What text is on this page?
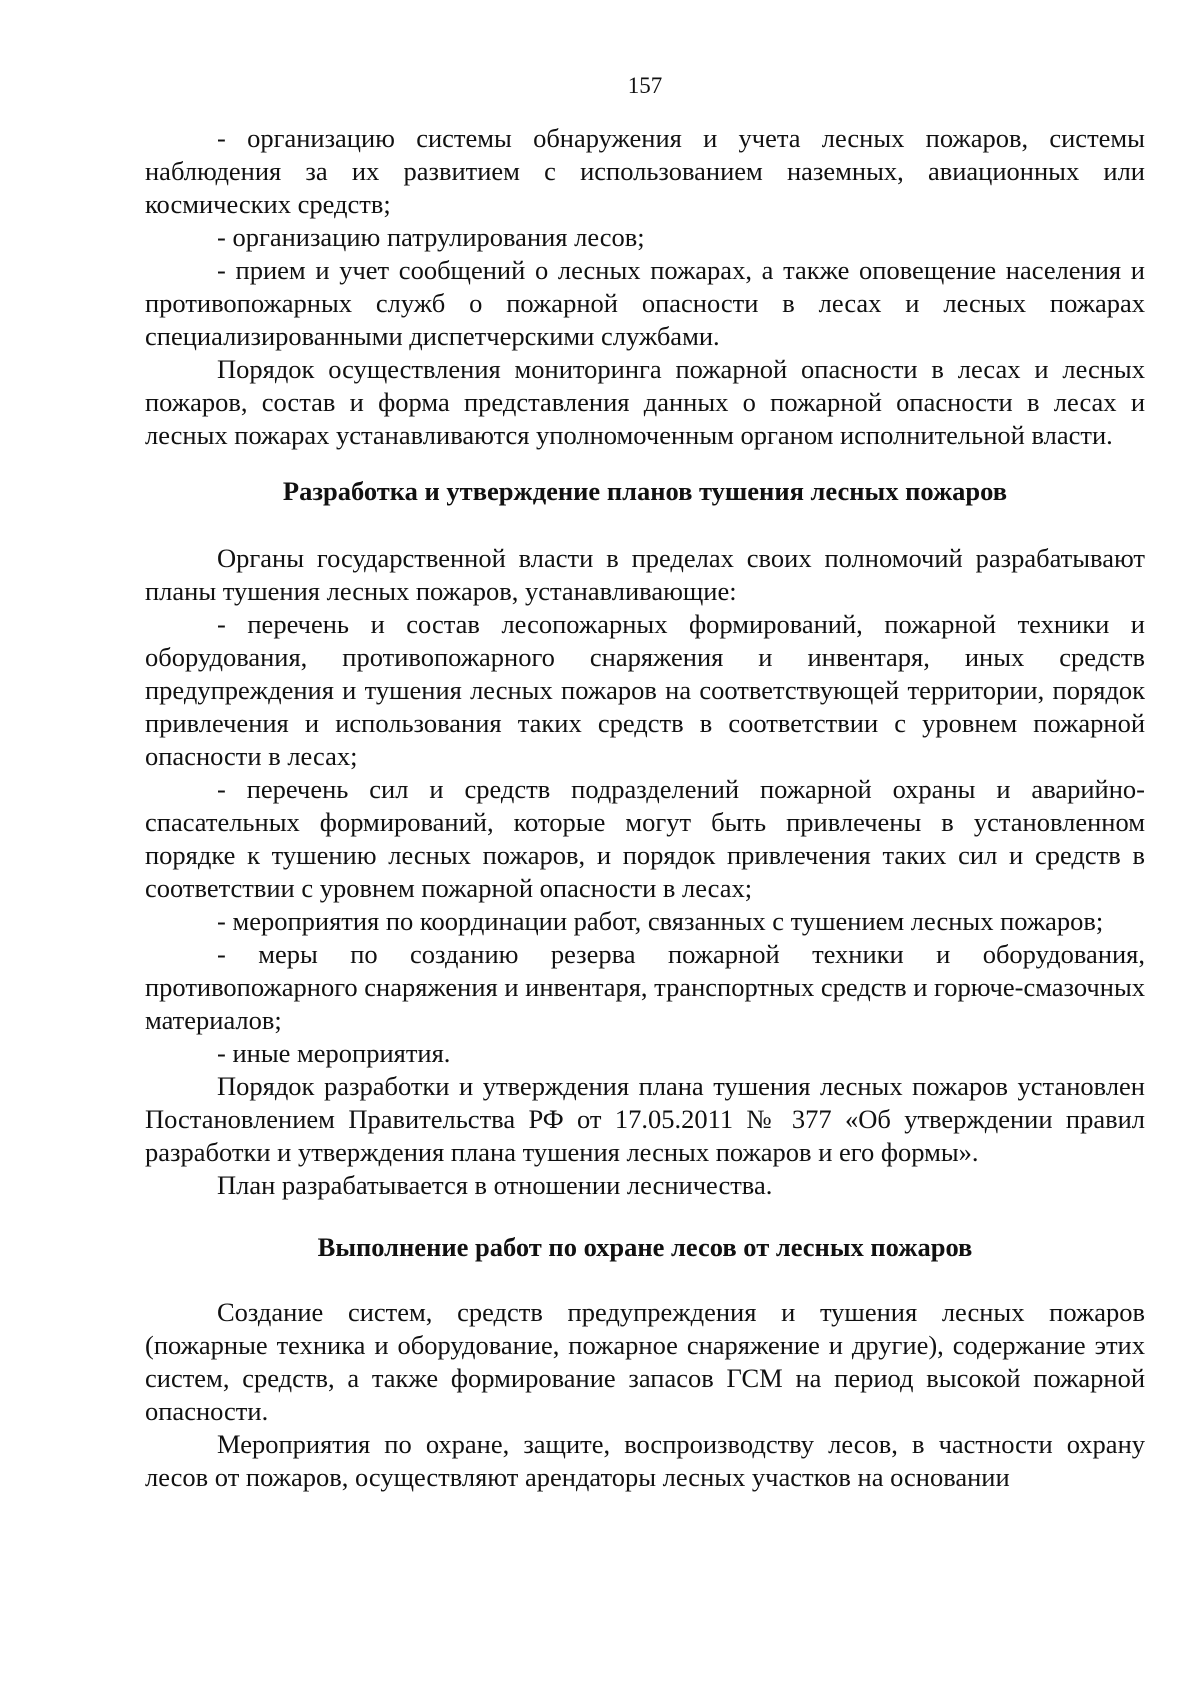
157

- организацию системы обнаружения и учета лесных пожаров, системы наблюдения за их развитием с использованием наземных, авиационных или космических средств;

- организацию патрулирования лесов;

- прием и учет сообщений о лесных пожарах, а также оповещение населения и противопожарных служб о пожарной опасности в лесах и лесных пожарах специализированными диспетчерскими службами.

Порядок осуществления мониторинга пожарной опасности в лесах и лесных пожаров, состав и форма представления данных о пожарной опасности в лесах и лесных пожарах устанавливаются уполномоченным органом исполнительной власти.

Разработка и утверждение планов тушения лесных пожаров

Органы государственной власти в пределах своих полномочий разрабатывают планы тушения лесных пожаров, устанавливающие:

- перечень и состав лесопожарных формирований, пожарной техники и оборудования, противопожарного снаряжения и инвентаря, иных средств предупреждения и тушения лесных пожаров на соответствующей территории, порядок привлечения и использования таких средств в соответствии с уровнем пожарной опасности в лесах;

- перечень сил и средств подразделений пожарной охраны и аварийно-спасательных формирований, которые могут быть привлечены в установленном порядке к тушению лесных пожаров, и порядок привлечения таких сил и средств в соответствии с уровнем пожарной опасности в лесах;

- мероприятия по координации работ, связанных с тушением лесных пожаров;

- меры по созданию резерва пожарной техники и оборудования, противопожарного снаряжения и инвентаря, транспортных средств и горюче-смазочных материалов;

- иные мероприятия.

Порядок разработки и утверждения плана тушения лесных пожаров установлен Постановлением Правительства РФ от 17.05.2011 № 377 «Об утверждении правил разработки и утверждения плана тушения лесных пожаров и его формы».

План разрабатывается в отношении лесничества.

Выполнение работ по охране лесов от лесных пожаров

Создание систем, средств предупреждения и тушения лесных пожаров (пожарные техника и оборудование, пожарное снаряжение и другие), содержание этих систем, средств, а также формирование запасов ГСМ на период высокой пожарной опасности.

Мероприятия по охране, защите, воспроизводству лесов, в частности охрану лесов от пожаров, осуществляют арендаторы лесных участков на основании
